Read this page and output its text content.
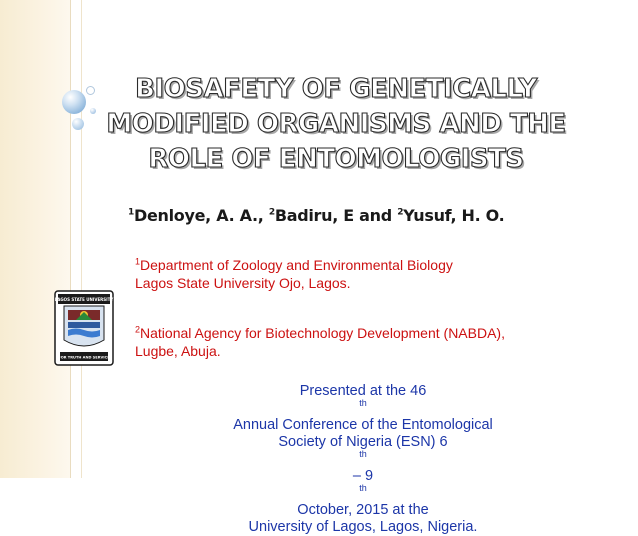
BIOSAFETY OF GENETICALLY
MODIFIED ORGANISMS AND THE
ROLE OF ENTOMOLOGISTS
$^1$Denloye, A. A., $^2$Badiru, E and $^2$Yusuf, H. O.
$^1$Department of Zoology and Environmental Biology
Lagos State University Ojo, Lagos.
$^2$National Agency for Biotechnology Development (NABDA),
Lugbe, Abuja.
LAGOS STATE UNIVERSITY
FOR TRUTH AND SERVICE
Presented at the 46
$^{th}$
Annual Conference of the Entomological
Society of Nigeria (ESN) 6
$^{th}$
– 9
$^{th}$
October, 2015 at the
University of Lagos, Lagos, Nigeria.
